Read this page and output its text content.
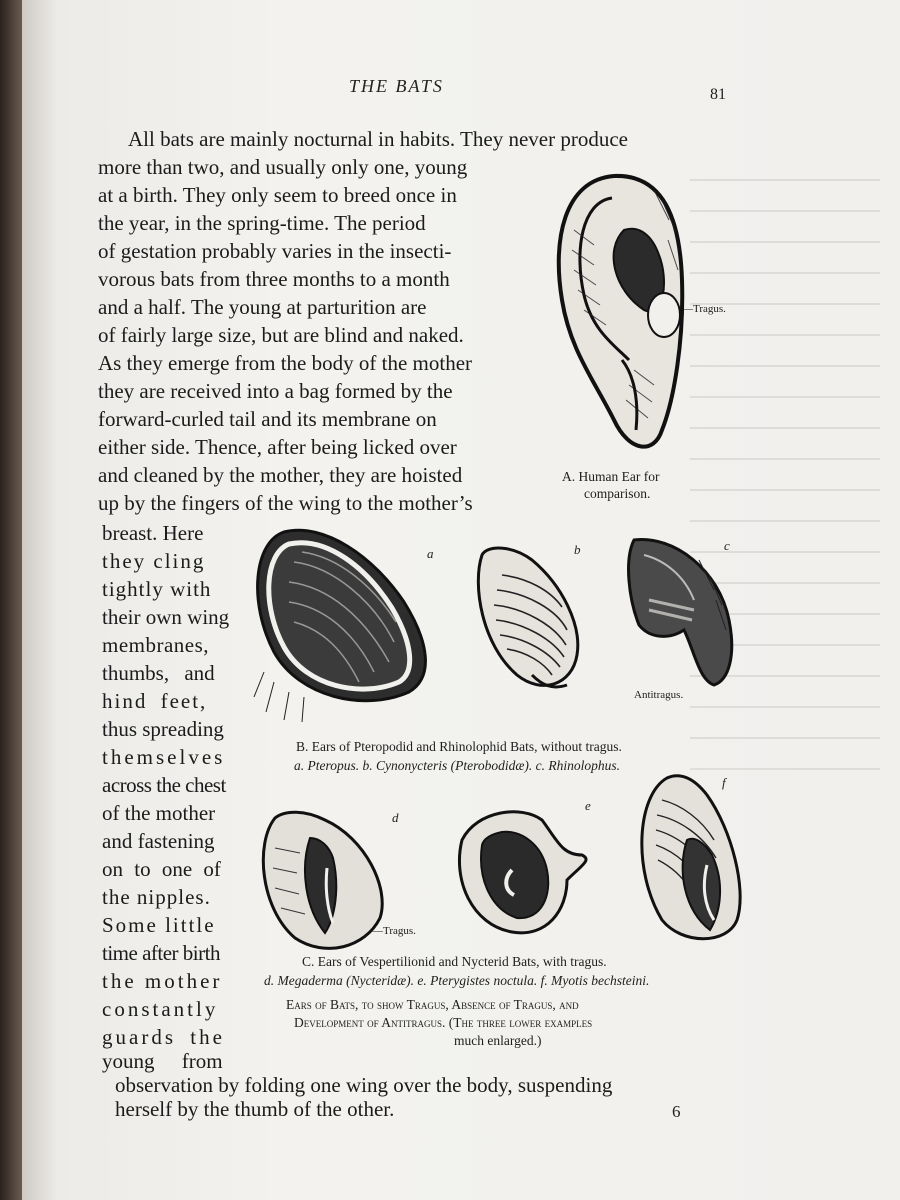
THE BATS	81
All bats are mainly nocturnal in habits. They never produce
more than two, and usually only one, young
at a birth. They only seem to breed once in
the year, in the spring-time. The period
of gestation probably varies in the insecti-
vorous bats from three months to a month
and a half. The young at parturition are
of fairly large size, but are blind and naked.
As they emerge from the body of the mother
they are received into a bag formed by the
forward-curled tail and its membrane on
either side. Thence, after being licked over
and cleaned by the mother, they are hoisted
up by the fingers of the wing to the mother’s
breast. Here
they cling
tightly with
their own wing
membranes,
thumbs, and
hind feet,
thus spreading
themselves
across the chest
of the mother
and fastening
on to one of
the nipples.
Some little
time after birth
the mother
constantly
guards the
young from
observation by folding one wing over the body, suspending
herself by the thumb of the other.
—Tragus.
A. Human Ear for
comparison.
a	b	c
Antitragus.
B. Ears of Pteropodid and Rhinolophid Bats, without tragus.
a. Pteropus. b. Cynonycteris (Pterobodidæ). c. Rhinolophus.
d
—Tragus.
e
f
C. Ears of Vespertilionid and Nycterid Bats, with tragus.
d. Megaderma (Nycteridæ). e. Pterygistes noctula. f. Myotis bechsteini.
Ears of Bats, to show Tragus, Absence of Tragus, and
Development of Antitragus. (The three lower examples
much enlarged.)
6
